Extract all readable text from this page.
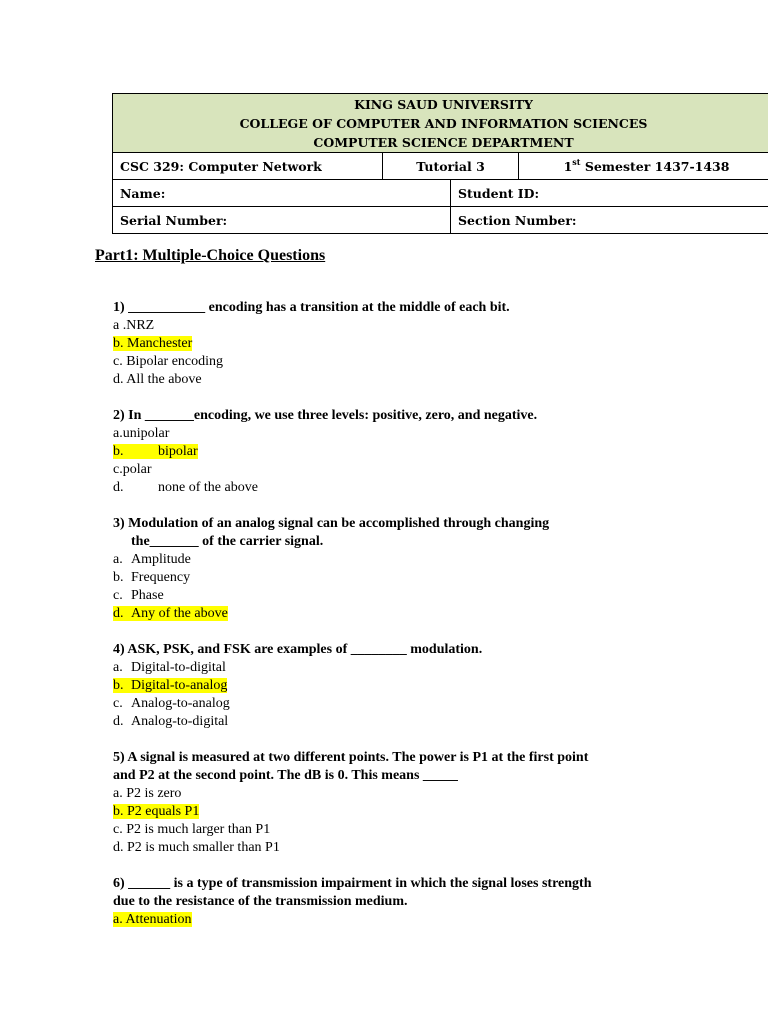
KING SAUD UNIVERSITY
COLLEGE OF COMPUTER AND INFORMATION SCIENCES
COMPUTER SCIENCE DEPARTMENT			

CSC 329: Computer Network	Tutorial 3		1st Semester 1437-1438
Name:		Student ID:	
Serial Number:		Section Number:	
Part1: Multiple-Choice Questions
1) ___________ encoding has a transition at the middle of each bit.
a .NRZ
b. Manchester
c. Bipolar encoding
d. All the above
2) In _______encoding, we use three levels: positive, zero, and negative.
a.unipolar
b. bipolar
c.polar
d. none of the above
3) Modulation of an analog signal can be accomplished through changing
the_______ of the carrier signal.
a. Amplitude
b. Frequency
c. Phase
d. Any of the above
4) ASK, PSK, and FSK are examples of ________ modulation.
a. Digital-to-digital
b. Digital-to-analog
c. Analog-to-analog
d. Analog-to-digital
5) A signal is measured at two different points. The power is P1 at the first point
and P2 at the second point. The dB is 0. This means _____
a. P2 is zero
b. P2 equals P1
c. P2 is much larger than P1
d. P2 is much smaller than P1
6) ______ is a type of transmission impairment in which the signal loses strength
due to the resistance of the transmission medium.
a. Attenuation
